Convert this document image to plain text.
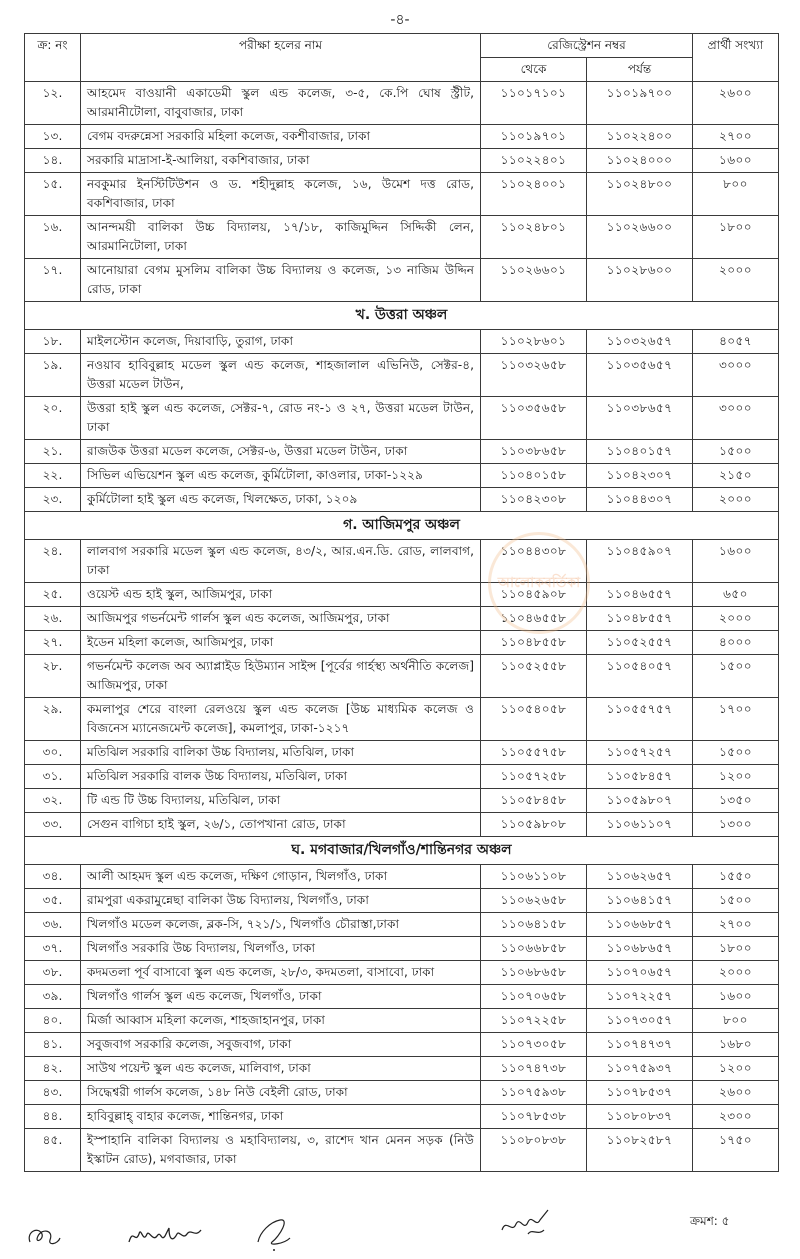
-৪-
ক্র: নং	পরীক্ষা হলের নাম	রেজিস্ট্রেশন নম্বর		প্রার্থী সংখ্যা
		থেকে	পর্যন্ত	
১২.	আহমেদ বাওয়ানী একাডেমী স্কুল এন্ড কলেজ, ৩-৫, কে.পি ঘোষ স্ট্রীট, আরমানীটোলা, বাবুবাজার, ঢাকা	১১০১৭১০১	১১০১৯৭০০	২৬০০
১৩.	বেগম বদরুন্নেসা সরকারি মহিলা কলেজ, বকশীবাজার, ঢাকা	১১০১৯৭০১	১১০২২৪০০	২৭০০
১৪.	সরকারি মাদ্রাসা-ই-আলিয়া, বকশিবাজার, ঢাকা	১১০২২৪০১	১১০২৪০০০	১৬০০
১৫.	নবকুমার ইনস্টিটিউশন ও ড. শহীদুল্লাহ কলেজ, ১৬, উমেশ দত্ত রোড, বকশিবাজার, ঢাকা	১১০২৪০০১	১১০২৪৮০০	৮০০
১৬.	আনন্দময়ী বালিকা উচ্চ বিদ্যালয়, ১৭/১৮, কাজিমুদ্দিন সিদ্দিকী লেন, আরমানিটোলা, ঢাকা	১১০২৪৮০১	১১০২৬৬০০	১৮০০
১৭.	আনোয়ারা বেগম মুসলিম বালিকা উচ্চ বিদ্যালয় ও কলেজ, ১৩ নাজিম উদ্দিন রোড, ঢাকা	১১০২৬৬০১	১১০২৮৬০০	২০০০
খ. উত্তরা অঞ্চল				
১৮.	মাইলস্টোন কলেজ, দিয়াবাড়ি, তুরাগ, ঢাকা	১১০২৮৬০১	১১০৩২৬৫৭	৪০৫৭
১৯.	নওয়াব হাবিবুল্লাহ মডেল স্কুল এন্ড কলেজ, শাহজালাল এভিনিউ, সেক্টর-৪, উত্তরা মডেল টাউন,	১১০৩২৬৫৮	১১০৩৫৬৫৭	৩০০০
২০.	উত্তরা হাই স্কুল এন্ড কলেজ, সেক্টর-৭, রোড নং-১ ও ২৭, উত্তরা মডেল টাউন, ঢাকা	১১০৩৫৬৫৮	১১০৩৮৬৫৭	৩০০০
২১.	রাজউক উত্তরা মডেল কলেজ, সেক্টর-৬, উত্তরা মডেল টাউন, ঢাকা	১১০৩৮৬৫৮	১১০৪০১৫৭	১৫০০
২২.	সিভিল এভিয়েশন স্কুল এন্ড কলেজ, কুর্মিটোলা, কাওলার, ঢাকা-১২২৯	১১০৪০১৫৮	১১০৪২৩০৭	২১৫০
২৩.	কুর্মিটোলা হাই স্কুল এন্ড কলেজ, খিলক্ষেত, ঢাকা, ১২০৯	১১০৪২৩০৮	১১০৪৪৩০৭	২০০০
গ. আজিমপুর অঞ্চল				
২৪.	লালবাগ সরকারি মডেল স্কুল এন্ড কলেজ, ৪৩/২, আর.এন.ডি. রোড, লালবাগ, ঢাকা	১১০৪৪৩০৮	১১০৪৫৯০৭	১৬০০
২৫.	ওয়েস্ট এন্ড হাই স্কুল, আজিমপুর, ঢাকা	১১০৪৫৯০৮	১১০৪৬৫৫৭	৬৫০
২৬.	আজিমপুর গভর্নমেন্ট গার্লস স্কুল এন্ড কলেজ, আজিমপুর, ঢাকা	১১০৪৬৫৫৮	১১০৪৮৫৫৭	২০০০
২৭.	ইডেন মহিলা কলেজ, আজিমপুর, ঢাকা	১১০৪৮৫৫৮	১১০৫২৫৫৭	৪০০০
২৮.	গভর্নমেন্ট কলেজ অব অ্যাপ্লাইড হিউম্যান সাইন্স [পূর্বের গার্হস্থ্য অর্থনীতি কলেজ] আজিমপুর, ঢাকা	১১০৫২৫৫৮	১১০৫৪০৫৭	১৫০০
২৯.	কমলাপুর শেরে বাংলা রেলওয়ে স্কুল এন্ড কলেজ [উচ্চ মাধ্যমিক কলেজ ও বিজনেস ম্যানেজমেন্ট কলেজ], কমলাপুর, ঢাকা-১২১৭	১১০৫৪০৫৮	১১০৫৫৭৫৭	১৭০০
৩০.	মতিঝিল সরকারি বালিকা উচ্চ বিদ্যালয়, মতিঝিল, ঢাকা	১১০৫৫৭৫৮	১১০৫৭২৫৭	১৫০০
৩১.	মতিঝিল সরকারি বালক উচ্চ বিদ্যালয়, মতিঝিল, ঢাকা	১১০৫৭২৫৮	১১০৫৮৪৫৭	১২০০
৩২.	টি এন্ড টি উচ্চ বিদ্যালয়, মতিঝিল, ঢাকা	১১০৫৮৪৫৮	১১০৫৯৮০৭	১৩৫০
৩৩.	সেগুন বাগিচা হাই স্কুল, ২৬/১, তোপখানা রোড, ঢাকা	১১০৫৯৮০৮	১১০৬১১০৭	১৩০০
ঘ. মগবাজার/খিলগাঁও/শান্তিনগর অঞ্চল				
৩৪.	আলী আহমদ স্কুল এন্ড কলেজ, দক্ষিণ গোড়ান, খিলগাঁও, ঢাকা	১১০৬১১০৮	১১০৬২৬৫৭	১৫৫০
৩৫.	রামপুরা একরামুন্নেছা বালিকা উচ্চ বিদ্যালয়, খিলগাঁও, ঢাকা	১১০৬২৬৫৮	১১০৬৪১৫৭	১৫০০
৩৬.	খিলগাঁও মডেল কলেজ, ব্লক-সি, ৭২১/১, খিলগাঁও চৌরাস্তা,ঢাকা	১১০৬৪১৫৮	১১০৬৬৮৫৭	২৭০০
৩৭.	খিলগাঁও সরকারি উচ্চ বিদ্যালয়, খিলগাঁও, ঢাকা	১১০৬৬৮৫৮	১১০৬৮৬৫৭	১৮০০
৩৮.	কদমতলা পূর্ব বাসাবো স্কুল এন্ড কলেজ, ২৮/৩, কদমতলা, বাসাবো, ঢাকা	১১০৬৮৬৫৮	১১০৭০৬৫৭	২০০০
৩৯.	খিলগাঁও গার্লস স্কুল এন্ড কলেজ, খিলগাঁও, ঢাকা	১১০৭০৬৫৮	১১০৭২২৫৭	১৬০০
৪০.	মির্জা আব্বাস মহিলা কলেজ, শাহজাহানপুর, ঢাকা	১১০৭২২৫৮	১১০৭৩০৫৭	৮০০
৪১.	সবুজবাগ সরকারি কলেজ, সবুজবাগ, ঢাকা	১১০৭৩০৫৮	১১০৭৪৭৩৭	১৬৮০
৪২.	সাউথ পয়েন্ট স্কুল এন্ড কলেজ, মালিবাগ, ঢাকা	১১০৭৪৭৩৮	১১০৭৫৯৩৭	১২০০
৪৩.	সিদ্ধেশ্বরী গার্লস কলেজ, ১৪৮ নিউ বেইলী রোড, ঢাকা	১১০৭৫৯৩৮	১১০৭৮৫৩৭	২৬০০
৪৪.	হাবিবুল্লাহ্ বাহার কলেজ, শান্তিনগর, ঢাকা	১১০৭৮৫৩৮	১১০৮০৮৩৭	২৩০০
৪৫.	ইস্পাহানি বালিকা বিদ্যালয় ও মহাবিদ্যালয়, ৩, রাশেদ খান মেনন সড়ক (নিউ ইস্কাটন রোড), মগবাজার, ঢাকা	১১০৮০৮৩৮	১১০৮২৫৮৭	১৭৫০
আলোকবর্তিকা
ক্রমশ: ৫
